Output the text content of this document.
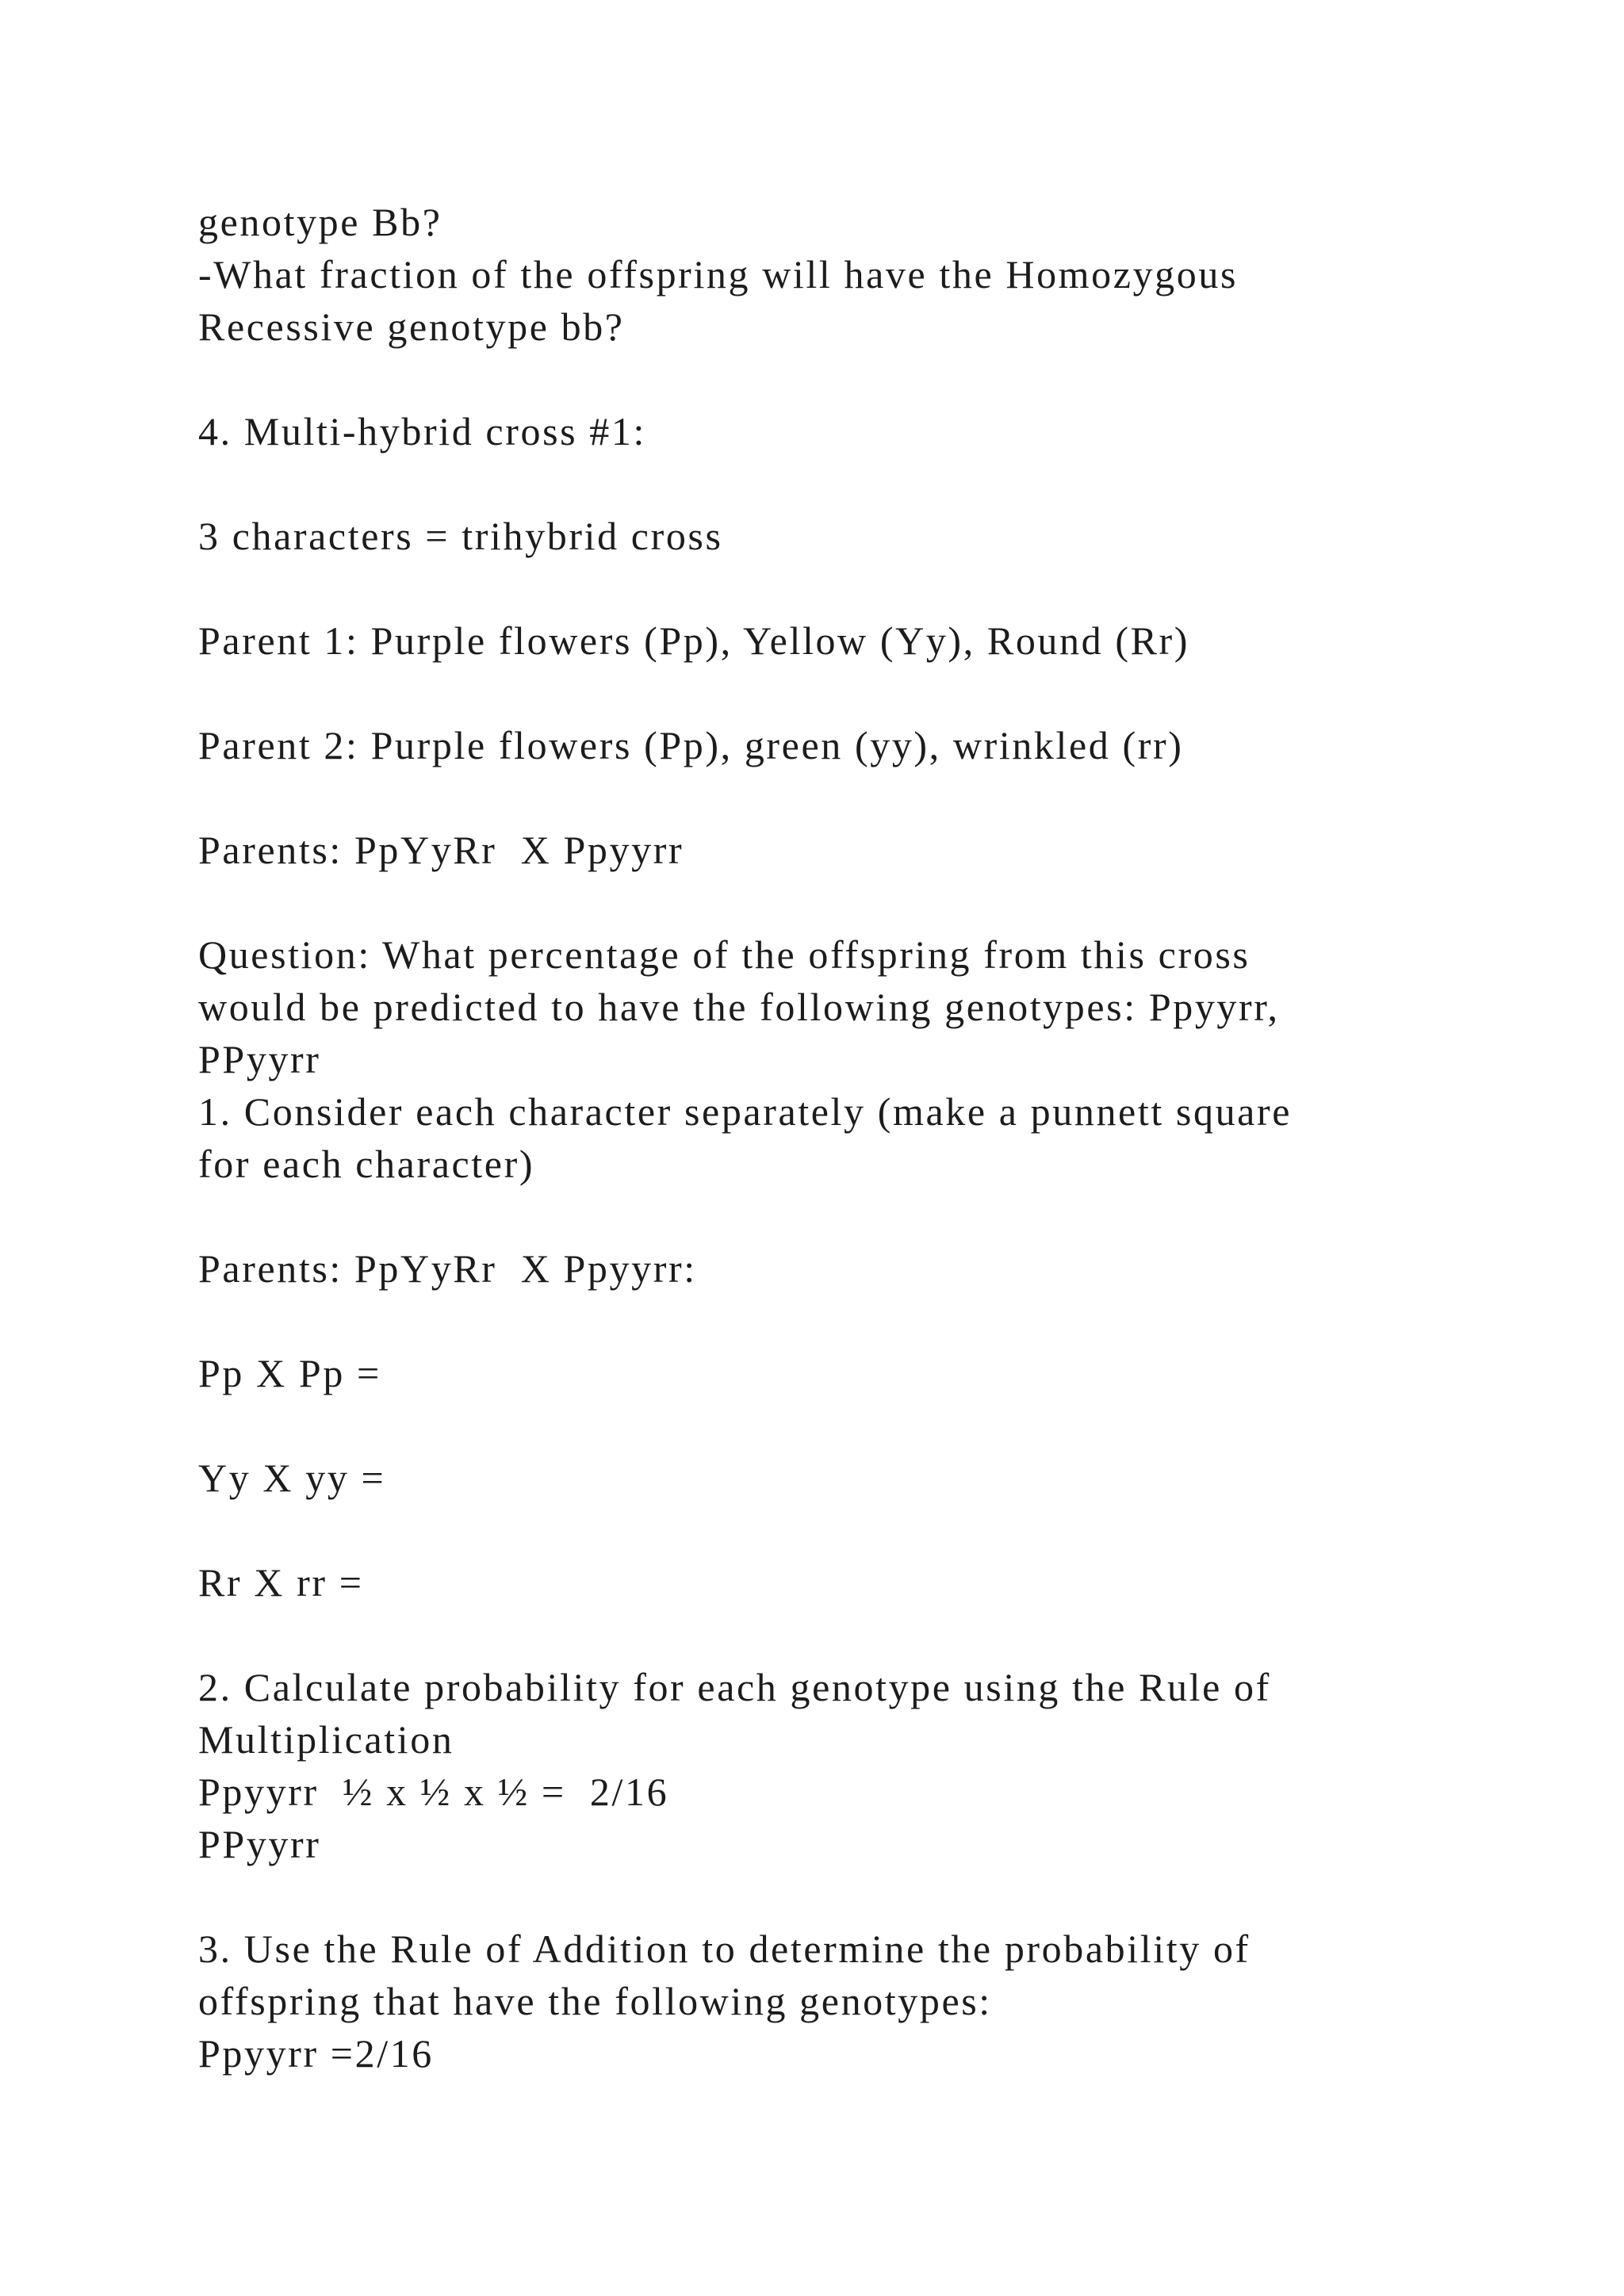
genotype Bb?
-What fraction of the offspring will have the Homozygous
Recessive genotype bb?
4. Multi-hybrid cross #1:
3 characters = trihybrid cross
Parent 1: Purple flowers (Pp), Yellow (Yy), Round (Rr)
Parent 2: Purple flowers (Pp), green (yy), wrinkled (rr)
Parents: PpYyRr  X Ppyyrr
Question: What percentage of the offspring from this cross
would be predicted to have the following genotypes: Ppyyrr,
PPyyrr
1. Consider each character separately (make a punnett square
for each character)
Parents: PpYyRr  X Ppyyrr:
Pp X Pp =
Yy X yy =
Rr X rr =
2. Calculate probability for each genotype using the Rule of
Multiplication
Ppyyrr  ½ x ½ x ½ =  2/16
PPyyrr
3. Use the Rule of Addition to determine the probability of
offspring that have the following genotypes:
Ppyyrr =2/16
